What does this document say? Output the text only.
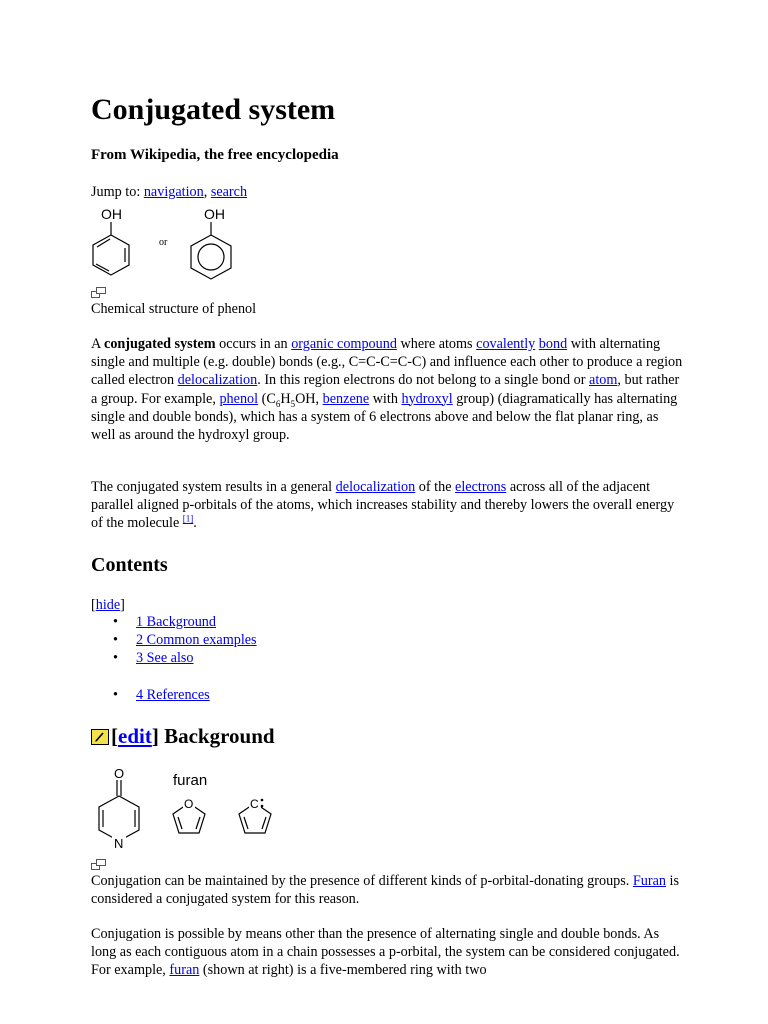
Conjugated system
From Wikipedia, the free encyclopedia
Jump to: navigation, search
OH	OH
or
Chemical structure of phenol

A conjugated system occurs in an organic compound where atoms covalently bond with alternating single and multiple (e.g. double) bonds (e.g., C=C-C=C-C) and influence each other to produce a region called electron delocalization. In this region electrons do not belong to a single bond or atom, but rather a group. For example, phenol ($C_6H_5OH$, benzene with hydroxyl group) (diagramatically has alternating single and double bonds), which has a system of 6 electrons above and below the flat planar ring, as well as around the hydroxyl group.

The conjugated system results in a general delocalization of the electrons across all of the adjacent parallel aligned p-orbitals of the atoms, which increases stability and thereby lowers the overall energy of the molecule [1].

Contents
[hide]
• 1 Background
• 2 Common examples
• 3 See also
• 4 References
[edit] Background
O
N
O	C
furan

Conjugation can be maintained by the presence of different kinds of p-orbital-donating groups. Furan is considered a conjugated system for this reason.

Conjugation is possible by means other than the presence of alternating single and double bonds. As long as each contiguous atom in a chain possesses a p-orbital, the system can be considered conjugated. For example, furan (shown at right) is a five-membered ring with two
